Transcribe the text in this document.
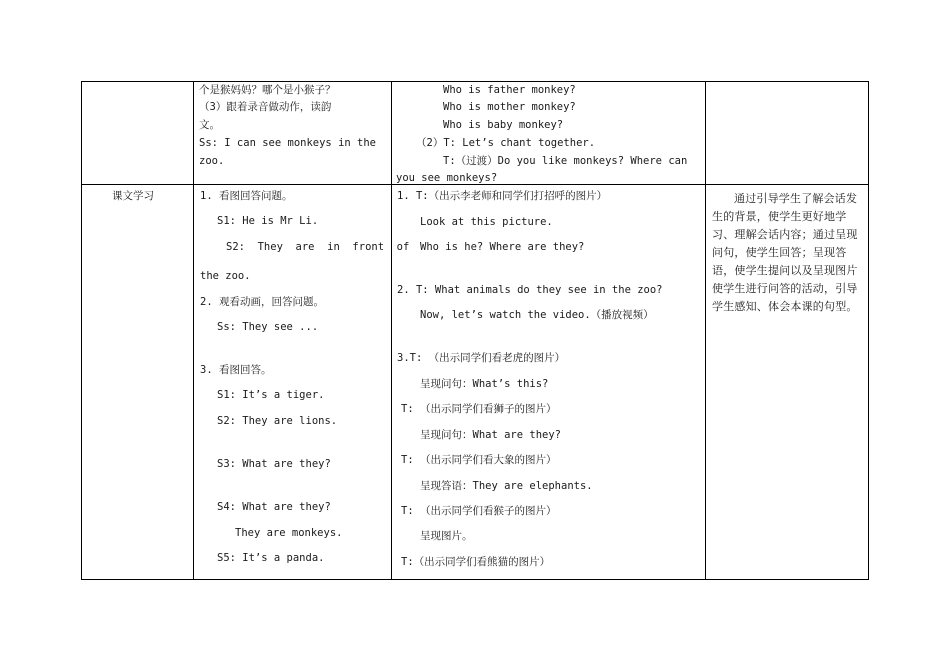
个是猴妈妈？哪个是小猴子？
（3）跟着录音做动作，读韵
文。
Ss: I can see monkeys in the
zoo.
Who is father monkey?
Who is mother monkey?
Who is baby monkey?
（2）T: Let’s chant together.
T:（过渡）Do you like monkeys? Where can
you see monkeys?
课文学习	1. 看图回答问题。
S1: He is Mr Li.
S2:  They  are  in  front  of
the zoo.
2. 观看动画，回答问题。
Ss: They see ...
3. 看图回答。
S1: It’s a tiger.
S2: They are lions.
S3: What are they?
S4: What are they?
They are monkeys.
S5: It’s a panda.
1. T:（出示李老师和同学们打招呼的图片）
Look at this picture.
Who is he? Where are they?
2. T: What animals do they see in the zoo?
Now, let’s watch the video.（播放视频）
3.T: （出示同学们看老虎的图片）
呈现问句：What’s this?
T: （出示同学们看狮子的图片）
呈现问句：What are they?
T: （出示同学们看大象的图片）
呈现答语：They are elephants.
T: （出示同学们看猴子的图片）
呈现图片。
T:（出示同学们看熊猫的图片）
通过引导学生了解会话发生的背景，使学生更好地学习、理解会话内容；通过呈现问句，使学生回答；呈现答语，使学生提问以及呈现图片使学生进行问答的活动，引导学生感知、体会本课的句型。
